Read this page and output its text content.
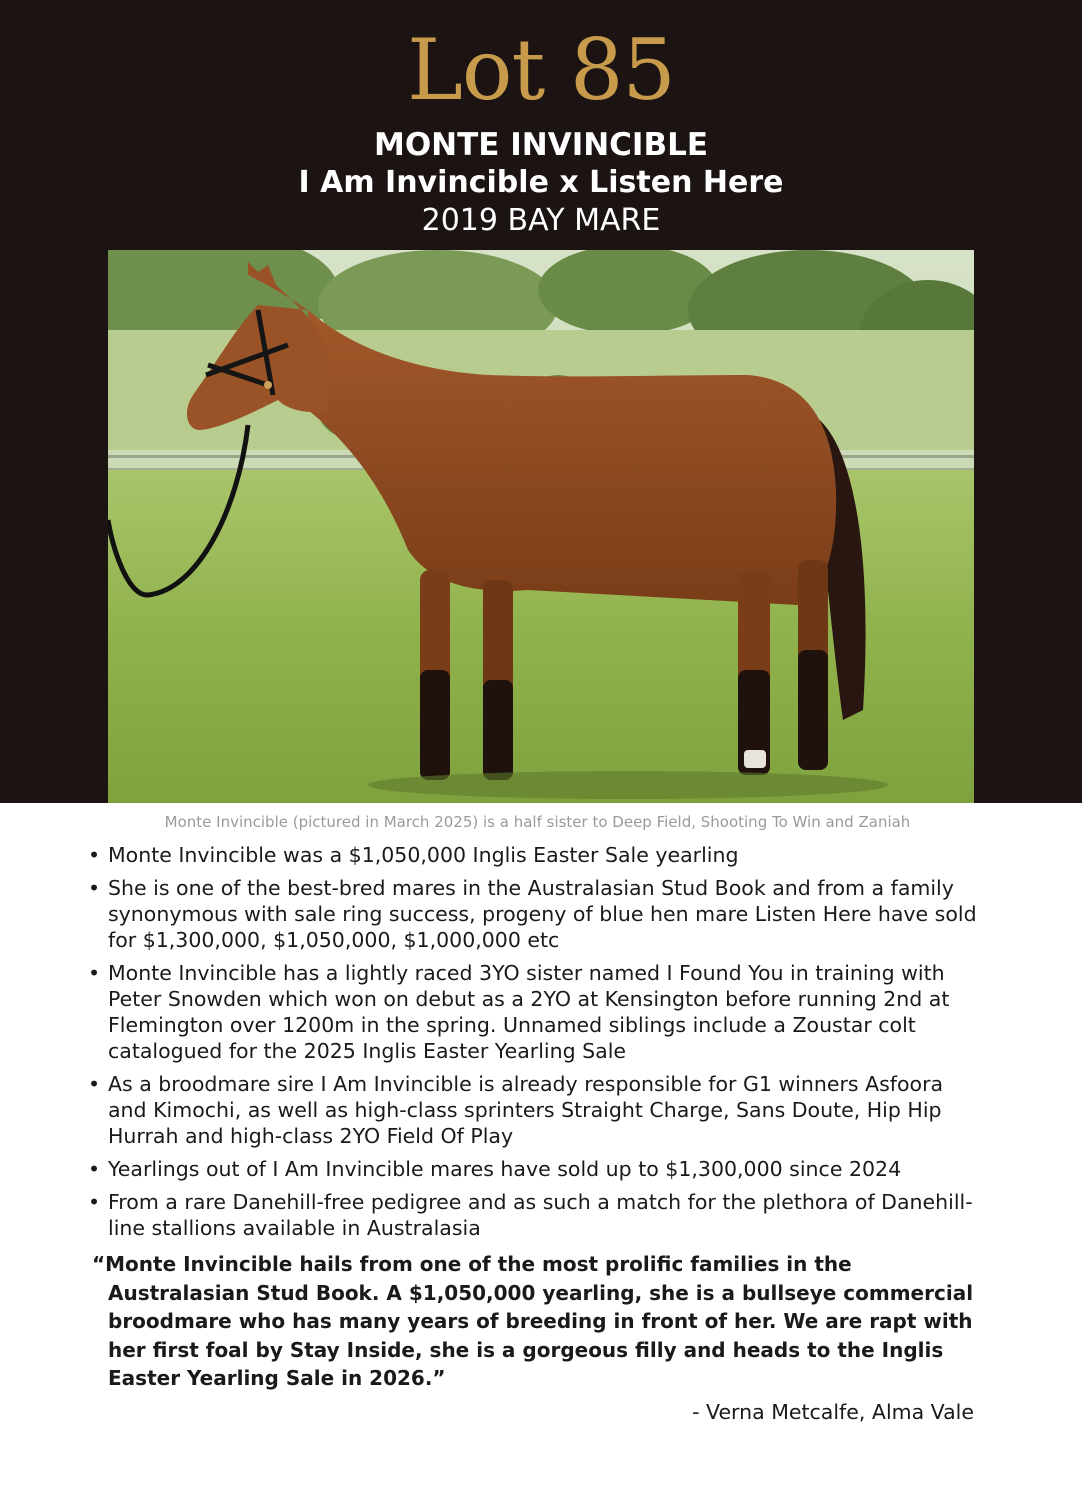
Lot 85
MONTE INVINCIBLE
I Am Invincible x Listen Here
2019 BAY MARE
Monte Invincible (pictured in March 2025) is a half sister to Deep Field, Shooting To Win and Zaniah
• Monte Invincible was a $1,050,000 Inglis Easter Sale yearling
• She is one of the best-bred mares in the Australasian Stud Book and from a family synonymous with sale ring success, progeny of blue hen mare Listen Here have sold for $1,300,000, $1,050,000, $1,000,000 etc
• Monte Invincible has a lightly raced 3YO sister named I Found You in training with Peter Snowden which won on debut as a 2YO at Kensington before running 2nd at Flemington over 1200m in the spring. Unnamed siblings include a Zoustar colt catalogued for the 2025 Inglis Easter Yearling Sale
• As a broodmare sire I Am Invincible is already responsible for G1 winners Asfoora and Kimochi, as well as high-class sprinters Straight Charge, Sans Doute, Hip Hip Hurrah and high-class 2YO Field Of Play
• Yearlings out of I Am Invincible mares have sold up to $1,300,000 since 2024
• From a rare Danehill-free pedigree and as such a match for the plethora of Danehill-line stallions available in Australasia
“Monte Invincible hails from one of the most prolific families in the Australasian Stud Book. A $1,050,000 yearling, she is a bullseye commercial broodmare who has many years of breeding in front of her. We are rapt with her first foal by Stay Inside, she is a gorgeous filly and heads to the Inglis Easter Yearling Sale in 2026.”
- Verna Metcalfe, Alma Vale
